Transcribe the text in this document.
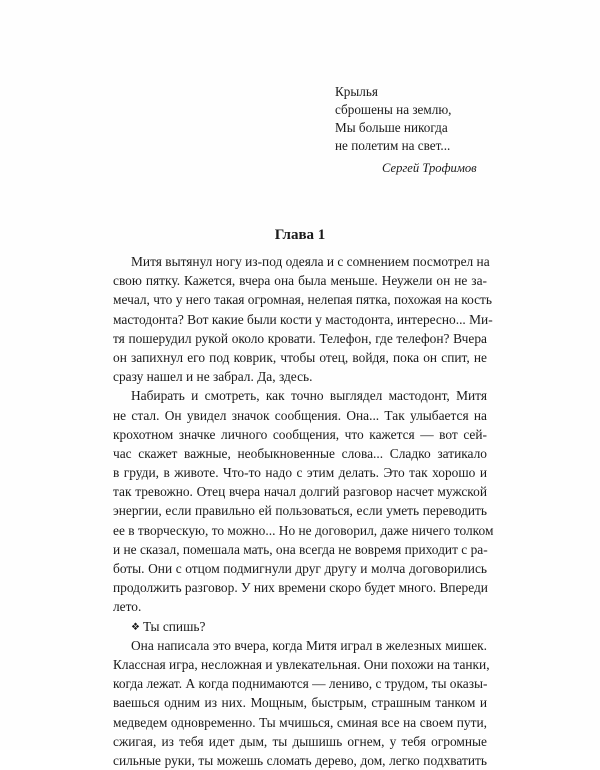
Крылья
сброшены на землю,
Мы больше никогда
не полетим на свет...
Сергей Трофимов
Глава 1
Митя вытянул ногу из-под одеяла и с сомнением посмотрел на
свою пятку. Кажется, вчера она была меньше. Неужели он не за-
мечал, что у него такая огромная, нелепая пятка, похожая на кость
мастодонта? Вот какие были кости у мастодонта, интересно... Ми-
тя пошерудил рукой около кровати. Телефон, где телефон? Вчера
он запихнул его под коврик, чтобы отец, войдя, пока он спит, не
сразу нашел и не забрал. Да, здесь.
Набирать и смотреть, как точно выглядел мастодонт, Митя
не стал. Он увидел значок сообщения. Она... Так улыбается на
крохотном значке личного сообщения, что кажется — вот сей-
час скажет важные, необыкновенные слова... Сладко затикало
в груди, в животе. Что-то надо с этим делать. Это так хорошо и
так тревожно. Отец вчера начал долгий разговор насчет мужской
энергии, если правильно ей пользоваться, если уметь переводить
ее в творческую, то можно... Но не договорил, даже ничего толком
и не сказал, помешала мать, она всегда не вовремя приходит с ра-
боты. Они с отцом подмигнули друг другу и молча договорились
продолжить разговор. У них времени скоро будет много. Впереди
лето.
❖ Ты спишь?
Она написала это вчера, когда Митя играл в железных мишек.
Классная игра, несложная и увлекательная. Они похожи на танки,
когда лежат. А когда поднимаются — лениво, с трудом, ты оказы-
ваешься одним из них. Мощным, быстрым, страшным танком и
медведем одновременно. Ты мчишься, сминая все на своем пути,
сжигая, из тебя идет дым, ты дышишь огнем, у тебя огромные
сильные руки, ты можешь сломать дерево, дом, легко подхватить
